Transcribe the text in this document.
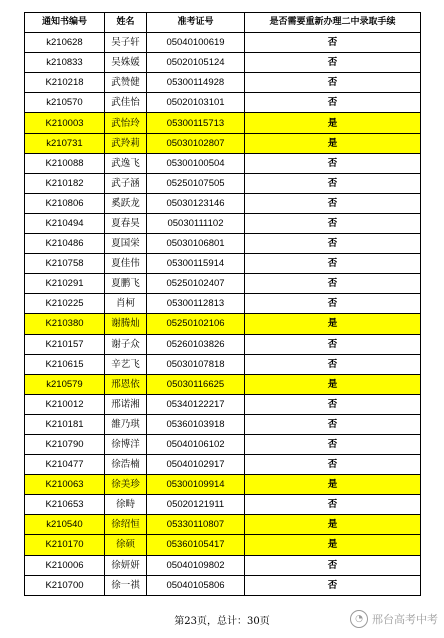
通知书编号	姓名	准考证号	是否需要重新办理二中录取手续
k210628	吴子轩	05040100619	否
k210833	吴姝媛	05020105124	否
K210218	武赞健	05300114928	否
k210570	武佳怡	05020103101	否
K210003	武怡玲	05300115713	是
k210731	武羚莉	05030102807	是
K210088	武逸飞	05300100504	否
K210182	武子涵	05250107505	否
K210806	奚跃龙	05030123146	否
K210494	夏春昊	05030111102	否
K210486	夏国栄	05030106801	否
K210758	夏佳伟	05300115914	否
K210291	夏鹏飞	05250102407	否
K210225	肖柯	05300112813	否
K210380	谢腾灿	05250102106	是
K210157	谢子众	05260103826	否
K210615	辛艺飞	05030107818	否
k210579	邢恩依	05030116625	是
K210012	邢诺湘	05340122217	否
K210181	雒乃琪	05360103918	否
K210790	徐博洋	05040106102	否
K210477	徐浩楠	05040102917	否
K210063	徐美珍	05300109914	是
K210653	徐畤	05020121911	否
k210540	徐绍恒	05330110807	是
K210170	徐硕	05360105417	是
K210006	徐妍妍	05040109802	否
K210700	徐一祺	05040105806	否
第23页，总计：30页	◔ 邢台高考中考
